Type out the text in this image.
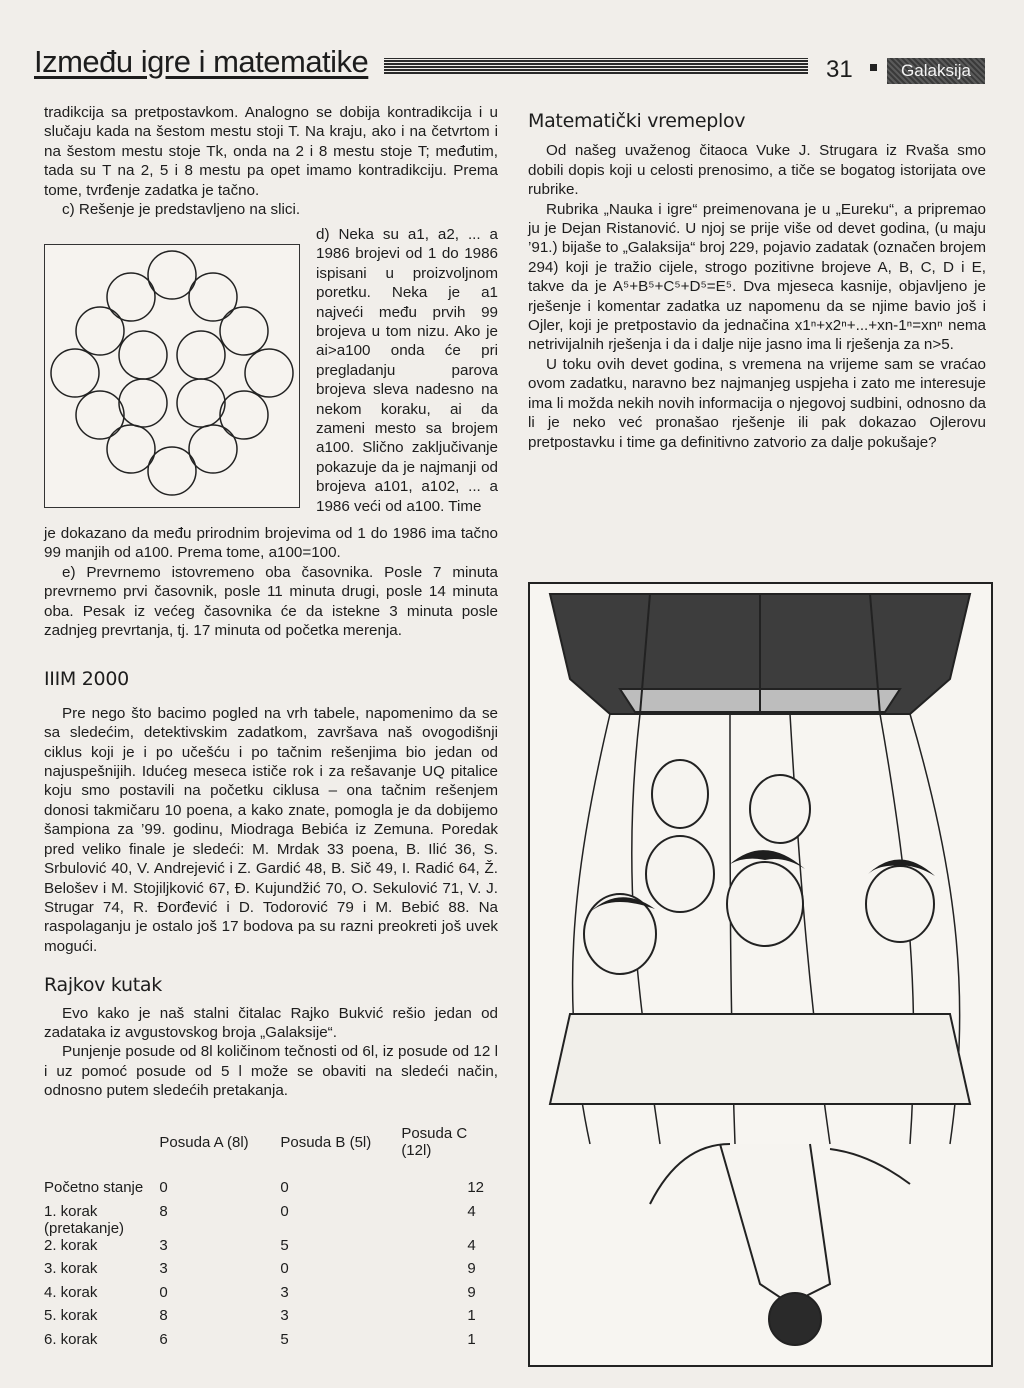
Između igre i matematike	31	Galaksija

tradikcija sa pretpostavkom. Analogno se dobija kontradikcija i u slučaju kada na šestom mestu stoji T. Na kraju, ako i na četvrtom i na šestom mestu stoje Tk, onda na 2 i 8 mestu stoje T; međutim, tada su T na 2, 5 i 8 mestu pa opet imamo kontradikciju. Prema tome, tvrđenje zadatka je tačno.

c) Rešenje je predstavljeno na slici.

d) Neka su a1, a2, ... a 1986 brojevi od 1 do 1986 ispisani u proizvoljnom poretku. Neka je a1 najveći među prvih 99 brojeva u tom nizu. Ako je ai>a100 onda će pri pregladanju parova brojeva sleva nadesno na nekom koraku, ai da zameni mesto sa brojem a100. Slično zaključivanje pokazuje da je najmanji od brojeva a101, a102, ... a 1986 veći od a100. Time

je dokazano da među prirodnim brojevima od 1 do 1986 ima tačno 99 manjih od a100. Prema tome, a100=100.

e) Prevrnemo istovremeno oba časovnika. Posle 7 minuta prevrnemo prvi časovnik, posle 11 minuta drugi, posle 14 minuta oba. Pesak iz većeg časovnika će da istekne 3 minuta posle zadnjeg prevrtanja, tj. 17 minuta od početka merenja.

IIIM 2000

Pre nego što bacimo pogled na vrh tabele, napomenimo da se sa sledećim, detektivskim zadatkom, završava naš ovogodišnji ciklus koji je i po učešću i po tačnim rešenjima bio jedan od najuspešnijih. Idućeg meseca ističe rok i za rešavanje UQ pitalice koju smo postavili na početku ciklusa – ona tačnim rešenjem donosi takmičaru 10 poena, a kako znate, pomogla je da dobijemo šampiona za ’99. godinu, Miodraga Bebića iz Zemuna. Poredak pred veliko finale je sledeći: M. Mrdak 33 poena, B. Ilić 36, S. Srbulović 40, V. Andrejević i Z. Gardić 48, B. Sič 49, I. Radić 64, Ž. Belošev i M. Stojiljković 67, Đ. Kujundžić 70, O. Sekulović 71, V. J. Strugar 74, R. Đorđević i D. Todorović 79 i M. Bebić 88. Na raspolaganju je ostalo još 17 bodova pa su razni preokreti još uvek mogući.

Rajkov kutak

Evo kako je naš stalni čitalac Rajko Bukvić rešio jedan od zadataka iz avgustovskog broja „Galaksije“.

Punjenje posude od 8l količinom tečnosti od 6l, iz posude od 12 l i uz pomoć posude od 5 l može se obaviti na sledeći način, odnosno putem sledećih pretakanja.

	Posuda A (8l)	Posuda B (5l)	Posuda C (12l)
Početno stanje	0	0	12
1. korak
(pretakanje)	8	0	4
2. korak	3	5	4
3. korak	3	0	9
4. korak	0	3	9
5. korak	8	3	1
6. korak	6	5	1
Matematički vremeplov

Od našeg uvaženog čitaoca Vuke J. Strugara iz Rvaša smo dobili dopis koji u celosti prenosimo, a tiče se bogatog istorijata ove rubrike.

Rubrika „Nauka i igre“ preimenovana je u „Eureku“, a pripremao ju je Dejan Ristanović. U njoj se prije više od devet godina, (u maju ’91.) bijaše to „Galaksija“ broj 229, pojavio zadatak (označen brojem 294) koji je tražio cijele, strogo pozitivne brojeve A, B, C, D i E, takve da je A⁵+B⁵+C⁵+D⁵=E⁵. Dva mjeseca kasnije, objavljeno je rješenje i komentar zadatka uz napomenu da se njime bavio još i Ojler, koji je pretpostavio da jednačina x1ⁿ+x2ⁿ+...+xn-1ⁿ=xnⁿ nema netrivijalnih rješenja i da i dalje nije jasno ima li rješenja za n>5.

U toku ovih devet godina, s vremena na vrijeme sam se vraćao ovom zadatku, naravno bez najmanjeg uspjeha i zato me interesuje ima li možda nekih novih informacija o njegovoj sudbini, odnosno da li je neko već pronašao rješenje ili pak dokazao Ojlerovu pretpostavku i time ga definitivno zatvorio za dalje pokušaje?
